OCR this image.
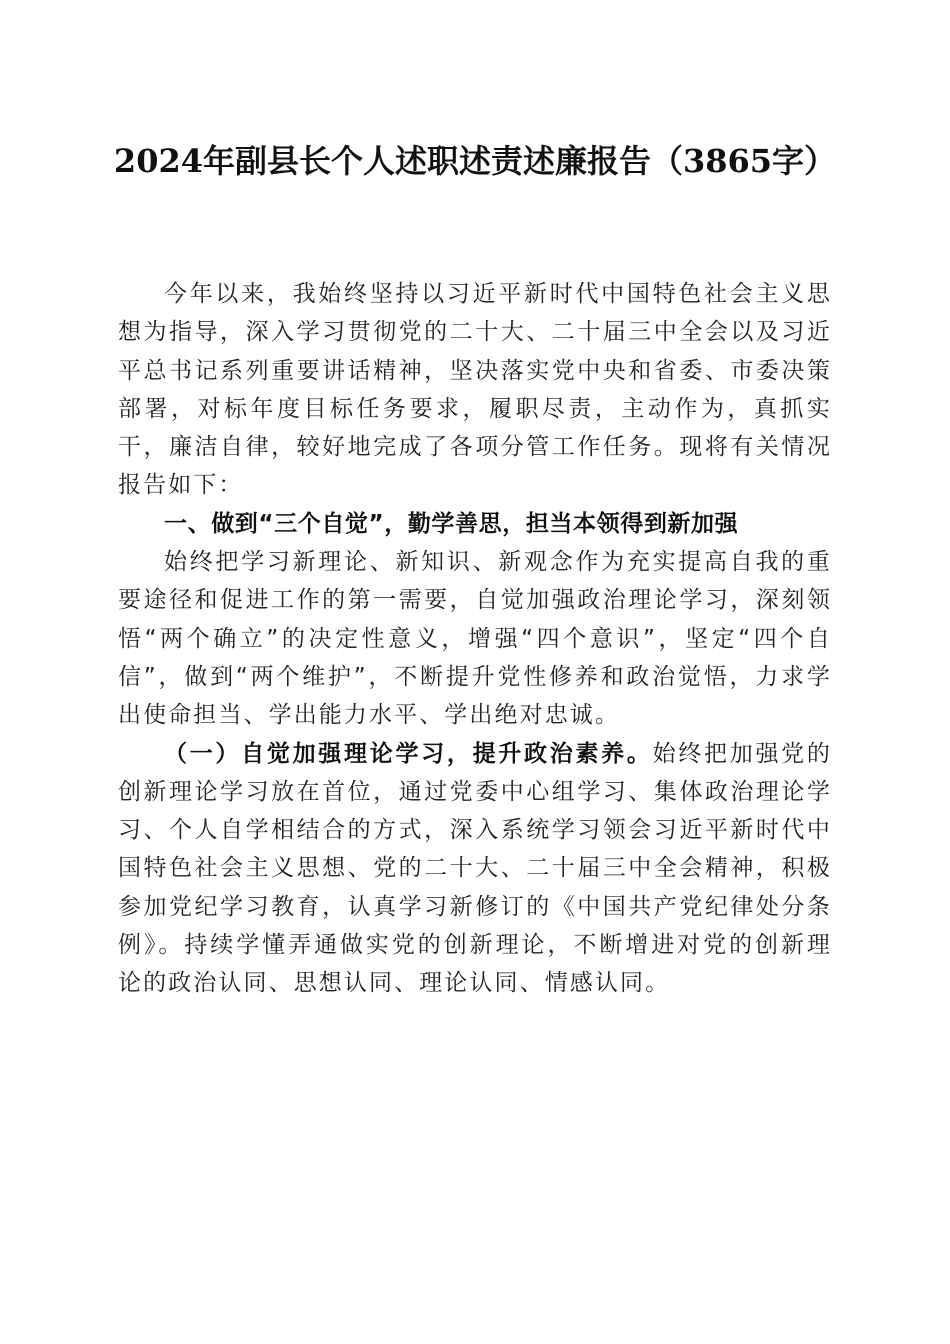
2024年副县长个人述职述责述廉报告（3865字）

今年以来，我始终坚持以习近平新时代中国特色社会主义思想为指导，深入学习贯彻党的二十大、二十届三中全会以及习近平总书记系列重要讲话精神，坚决落实党中央和省委、市委决策部署，对标年度目标任务要求，履职尽责，主动作为，真抓实干，廉洁自律，较好地完成了各项分管工作任务。现将有关情况报告如下：

一、做到“三个自觉”，勤学善思，担当本领得到新加强

始终把学习新理论、新知识、新观念作为充实提高自我的重要途径和促进工作的第一需要，自觉加强政治理论学习，深刻领悟“两个确立”的决定性意义，增强“四个意识”，坚定“四个自信”，做到“两个维护”，不断提升党性修养和政治觉悟，力求学出使命担当、学出能力水平、学出绝对忠诚。

（一）自觉加强理论学习，提升政治素养。始终把加强党的创新理论学习放在首位，通过党委中心组学习、集体政治理论学习、个人自学相结合的方式，深入系统学习领会习近平新时代中国特色社会主义思想、党的二十大、二十届三中全会精神，积极参加党纪学习教育，认真学习新修订的《中国共产党纪律处分条例》。持续学懂弄通做实党的创新理论，不断增进对党的创新理论的政治认同、思想认同、理论认同、情感认同。
